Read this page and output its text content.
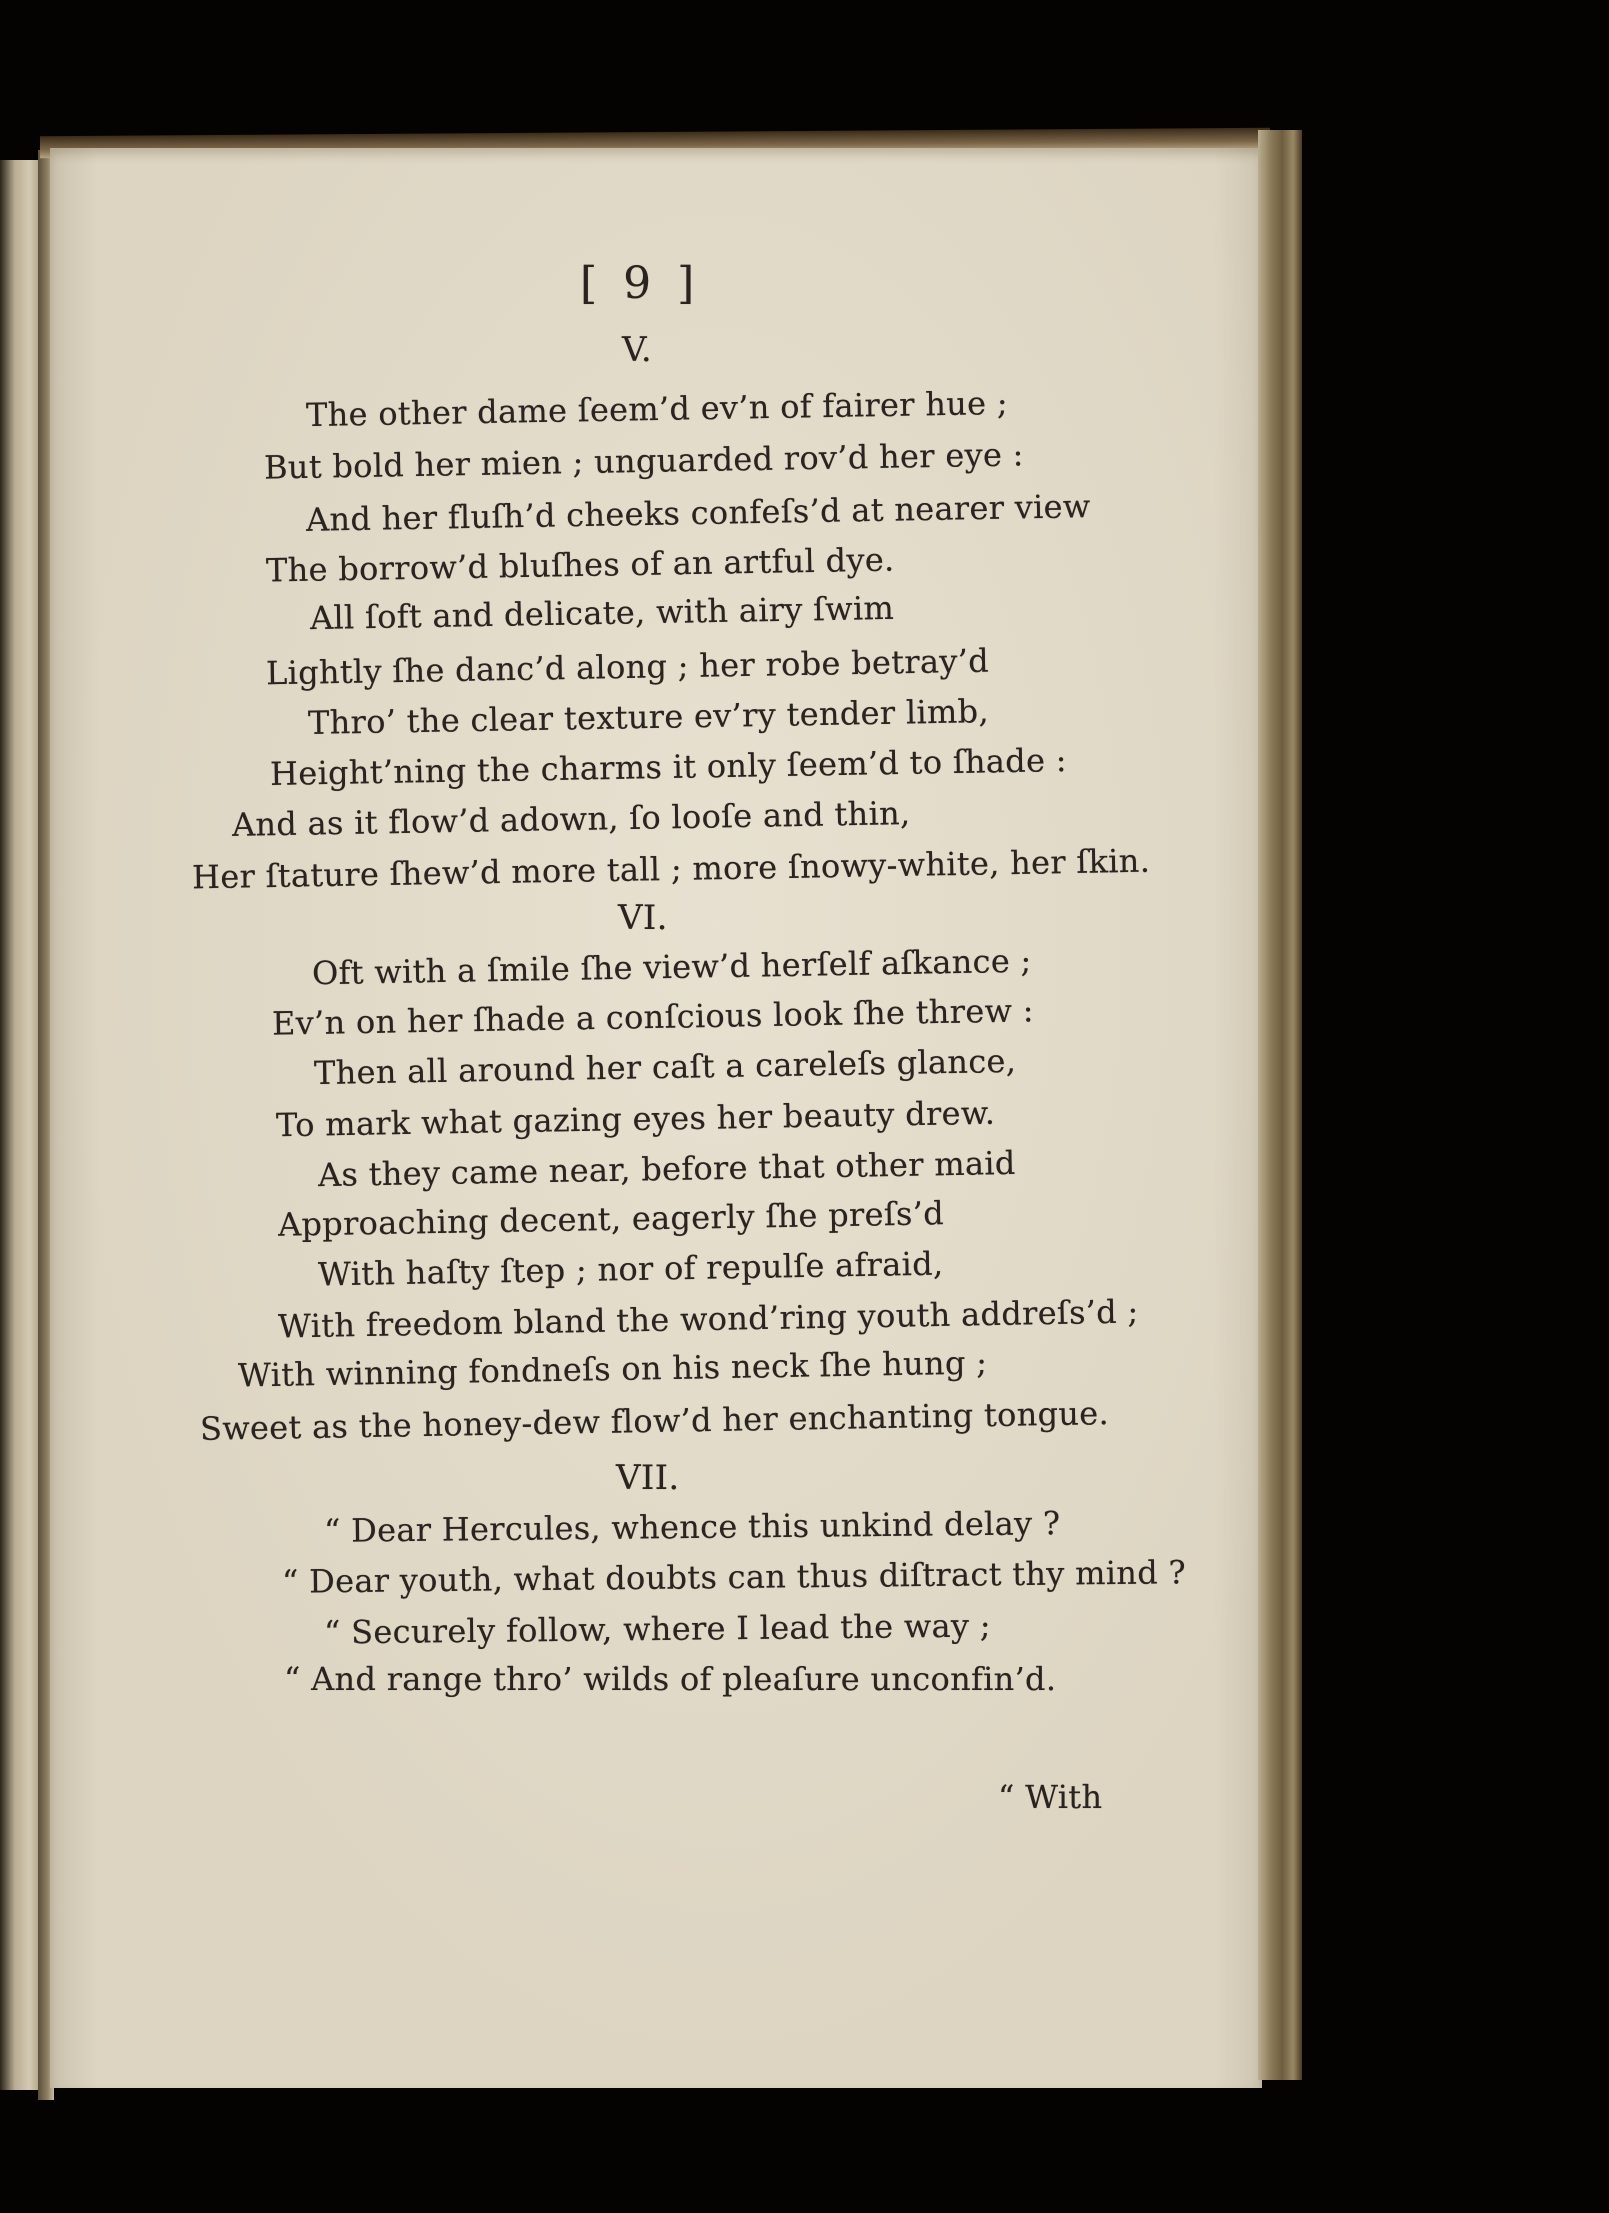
[ 9 ]
V.
The other dame ſeem’d ev’n of fairer hue ;
But bold her mien ; unguarded rov’d her eye :
And her fluſh’d cheeks confeſs’d at nearer view
The borrow’d bluſhes of an artful dye.
All ſoft and delicate, with airy ſwim
Lightly ſhe danc’d along ; her robe betray’d
Thro’ the clear texture ev’ry tender limb,
Height’ning the charms it only ſeem’d to ſhade :
And as it flow’d adown, ſo looſe and thin,
Her ſtature ſhew’d more tall ; more ſnowy-white, her ſkin.
VI.
Oft with a ſmile ſhe view’d herſelf aſkance ;
Ev’n on her ſhade a conſcious look ſhe threw :
Then all around her caſt a careleſs glance,
To mark what gazing eyes her beauty drew.
As they came near, before that other maid
Approaching decent, eagerly ſhe preſs’d
With haſty ſtep ; nor of repulſe afraid,
With freedom bland the wond’ring youth addreſs’d ;
With winning fondneſs on his neck ſhe hung ;
Sweet as the honey-dew flow’d her enchanting tongue.
VII.
“ Dear Hercules, whence this unkind delay ?
“ Dear youth, what doubts can thus diſtract thy mind ?
“ Securely follow, where I lead the way ;
“ And range thro’ wilds of pleaſure unconfin’d.
“ With
